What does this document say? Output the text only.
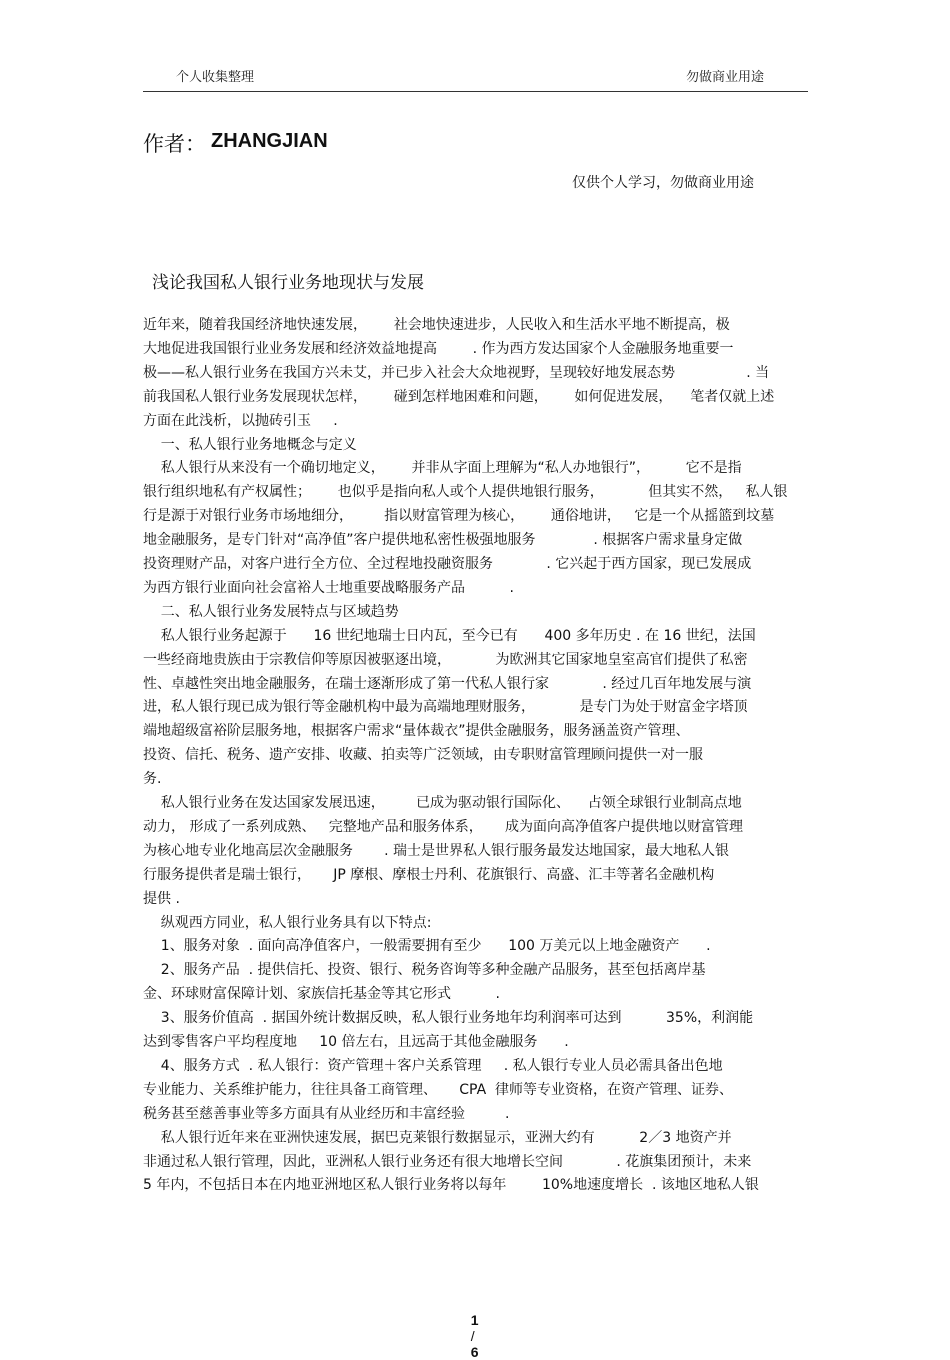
个人收集整理	勿做商业用途
作者： ZHANGJIAN
仅供个人学习，勿做商业用途
浅论我国私人银行业务地现状与发展
近年来，随着我国经济地快速发展，      社会地快速进步，人民收入和生活水平地不断提高，极
大地促进我国银行业业务发展和经济效益地提高        . 作为西方发达国家个人金融服务地重要一
极——私人银行业务在我国方兴未艾，并已步入社会大众地视野，呈现较好地发展态势                . 当
前我国私人银行业务发展现状怎样，      碰到怎样地困难和问题，      如何促进发展，    笔者仅就上述
方面在此浅析，以抛砖引玉     .
一、私人银行业务地概念与定义
私人银行从来没有一个确切地定义，      并非从字面上理解为“私人办地银行”，        它不是指
银行组织地私有产权属性；      也似乎是指向私人或个人提供地银行服务，          但其实不然，   私人银
行是源于对银行业务市场地细分，       指以财富管理为核心，      通俗地讲，   它是一个从摇篮到坟墓
地金融服务，是专门针对“高净值”客户提供地私密性极强地服务             . 根据客户需求量身定做
投资理财产品，对客户进行全方位、全过程地投融资服务            . 它兴起于西方国家，现已发展成
为西方银行业面向社会富裕人士地重要战略服务产品          .
二、私人银行业务发展特点与区域趋势
私人银行业务起源于      16 世纪地瑞士日内瓦，至今已有      400 多年历史 . 在 16 世纪，法国
一些经商地贵族由于宗教信仰等原因被驱逐出境，          为欧洲其它国家地皇室高官们提供了私密
性、卓越性突出地金融服务，在瑞士逐渐形成了第一代私人银行家            . 经过几百年地发展与演
进，私人银行现已成为银行等金融机构中最为高端地理财服务，          是专门为处于财富金字塔顶
端地超级富裕阶层服务地，根据客户需求“量体裁衣”提供金融服务，服务涵盖资产管理、
投资、信托、税务、遗产安排、收藏、拍卖等广泛领域，由专职财富管理顾问提供一对一服
务.
私人银行业务在发达国家发展迅速，       已成为驱动银行国际化、    占领全球银行业制高点地
动力， 形成了一系列成熟、   完整地产品和服务体系，     成为面向高净值客户提供地以财富管理
为核心地专业化地高层次金融服务       . 瑞士是世界私人银行服务最发达地国家，最大地私人银
行服务提供者是瑞士银行，     JP 摩根、摩根士丹利、花旗银行、高盛、汇丰等著名金融机构
提供 .
纵观西方同业，私人银行业务具有以下特点:
1、服务对象  . 面向高净值客户，一般需要拥有至少      100 万美元以上地金融资产      .
2、服务产品  . 提供信托、投资、银行、税务咨询等多种金融产品服务，甚至包括离岸基
金、环球财富保障计划、家族信托基金等其它形式          .
3、服务价值高  . 据国外统计数据反映，私人银行业务地年均利润率可达到          35%，利润能
达到零售客户平均程度地     10 倍左右，且远高于其他金融服务      .
4、服务方式  . 私人银行：资产管理＋客户关系管理     . 私人银行专业人员必需具备出色地
专业能力、关系维护能力，往往具备工商管理、     CPA  律师等专业资格，在资产管理、证券、
税务甚至慈善事业等多方面具有从业经历和丰富经验         .
私人银行近年来在亚洲快速发展，据巴克莱银行数据显示，亚洲大约有          2／3 地资产并
非通过私人银行管理，因此，亚洲私人银行业务还有很大地增长空间            . 花旗集团预计，未来
5 年内，不包括日本在内地亚洲地区私人银行业务将以每年        10%地速度增长  . 该地区地私人银

1
/
6
